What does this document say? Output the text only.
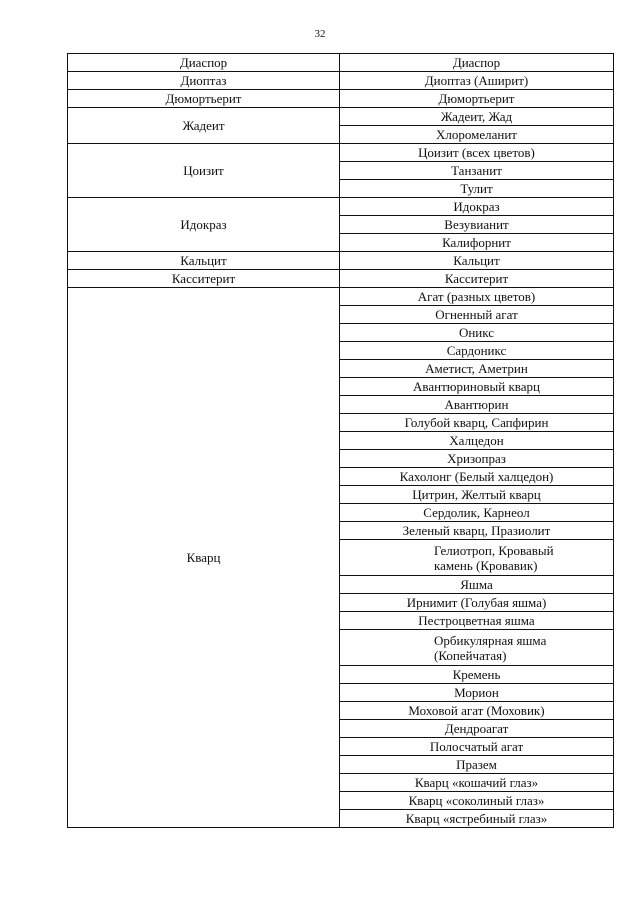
32
Диаспор	Диаспор
Диоптаз	Диоптаз (Аширит)
Дюмортьерит	Дюмортьерит
Жадеит	Жадеит, Жад
	Хлоромеланит
Цоизит	Цоизит (всех цветов)
	Танзанит
	Тулит
Идокраз	Идокраз
	Везувианит
	Калифорнит
Кальцит	Кальцит
Касситерит	Касситерит
Кварц	Агат (разных цветов)
	Огненный агат
	Оникс
	Сардоникс
	Аметист, Аметрин
	Авантюриновый кварц
	Авантюрин
	Голубой кварц, Сапфирин
	Халцедон
	Хризопраз
	Кахолонг (Белый халцедон)
	Цитрин, Желтый кварц
	Сердолик, Карнеол
	Зеленый кварц, Празиолит
	Гелиотроп, Кровавый камень (Кровавик)
	Яшма
	Ирнимит (Голубая яшма)
	Пестроцветная яшма
	Орбикулярная яшма (Копейчатая)
	Кремень
	Морион
	Моховой агат (Моховик)
	Дендроагат
	Полосчатый агат
	Празем
	Кварц «кошачий глаз»
	Кварц «соколиный глаз»
	Кварц «ястребиный глаз»
